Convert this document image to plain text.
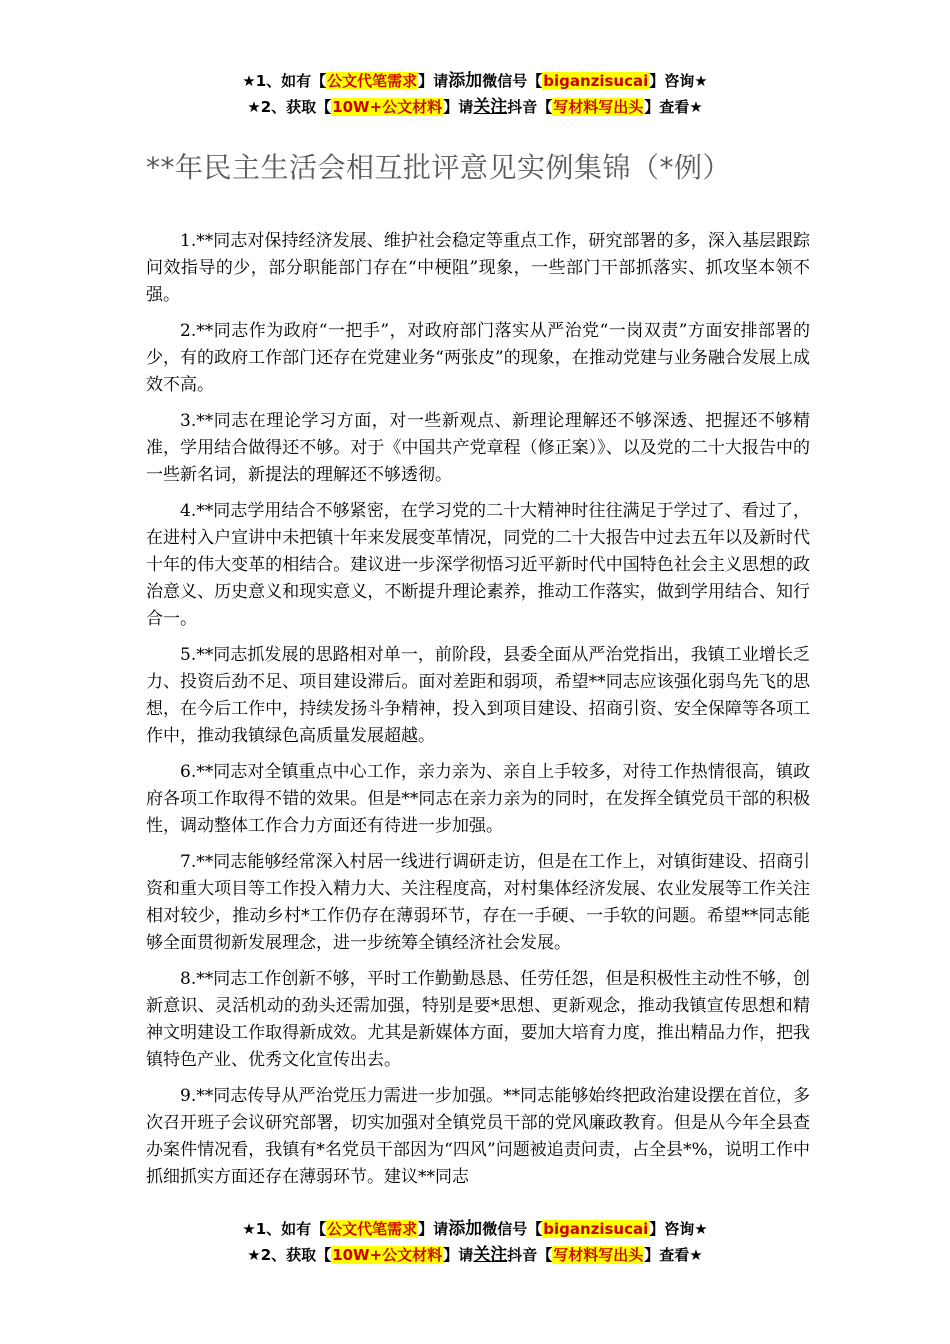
★1、如有【公文代笔需求】请添加微信号【biganzisucai】咨询★
★2、获取【10W+公文材料】请关注抖音【写材料写出头】查看★
**年民主生活会相互批评意见实例集锦（*例）

1.**同志对保持经济发展、维护社会稳定等重点工作，研究部署的多，深入基层跟踪问效指导的少，部分职能部门存在“中梗阻”现象，一些部门干部抓落实、抓攻坚本领不强。

2.**同志作为政府“一把手”，对政府部门落实从严治党“一岗双责”方面安排部署的少，有的政府工作部门还存在党建业务“两张皮”的现象，在推动党建与业务融合发展上成效不高。

3.**同志在理论学习方面，对一些新观点、新理论理解还不够深透、把握还不够精准，学用结合做得还不够。对于《中国共产党章程（修正案）》、以及党的二十大报告中的一些新名词，新提法的理解还不够透彻。

4.**同志学用结合不够紧密，在学习党的二十大精神时往往满足于学过了、看过了，在进村入户宣讲中未把镇十年来发展变革情况，同党的二十大报告中过去五年以及新时代十年的伟大变革的相结合。建议进一步深学彻悟习近平新时代中国特色社会主义思想的政治意义、历史意义和现实意义，不断提升理论素养，推动工作落实，做到学用结合、知行合一。

5.**同志抓发展的思路相对单一，前阶段，县委全面从严治党指出，我镇工业增长乏力、投资后劲不足、项目建设滞后。面对差距和弱项，希望**同志应该强化弱鸟先飞的思想，在今后工作中，持续发扬斗争精神，投入到项目建设、招商引资、安全保障等各项工作中，推动我镇绿色高质量发展超越。

6.**同志对全镇重点中心工作，亲力亲为、亲自上手较多，对待工作热情很高，镇政府各项工作取得不错的效果。但是**同志在亲力亲为的同时，在发挥全镇党员干部的积极性，调动整体工作合力方面还有待进一步加强。

7.**同志能够经常深入村居一线进行调研走访，但是在工作上，对镇街建设、招商引资和重大项目等工作投入精力大、关注程度高，对村集体经济发展、农业发展等工作关注相对较少，推动乡村*工作仍存在薄弱环节，存在一手硬、一手软的问题。希望**同志能够全面贯彻新发展理念，进一步统筹全镇经济社会发展。

8.**同志工作创新不够，平时工作勤勤恳恳、任劳任怨，但是积极性主动性不够，创新意识、灵活机动的劲头还需加强，特别是要*思想、更新观念，推动我镇宣传思想和精神文明建设工作取得新成效。尤其是新媒体方面，要加大培育力度，推出精品力作，把我镇特色产业、优秀文化宣传出去。

9.**同志传导从严治党压力需进一步加强。**同志能够始终把政治建设摆在首位，多次召开班子会议研究部署，切实加强对全镇党员干部的党风廉政教育。但是从今年全县查办案件情况看，我镇有*名党员干部因为“四风”问题被追责问责，占全县*%，说明工作中抓细抓实方面还存在薄弱环节。建议**同志

★1、如有【公文代笔需求】请添加微信号【biganzisucai】咨询★
★2、获取【10W+公文材料】请关注抖音【写材料写出头】查看★
